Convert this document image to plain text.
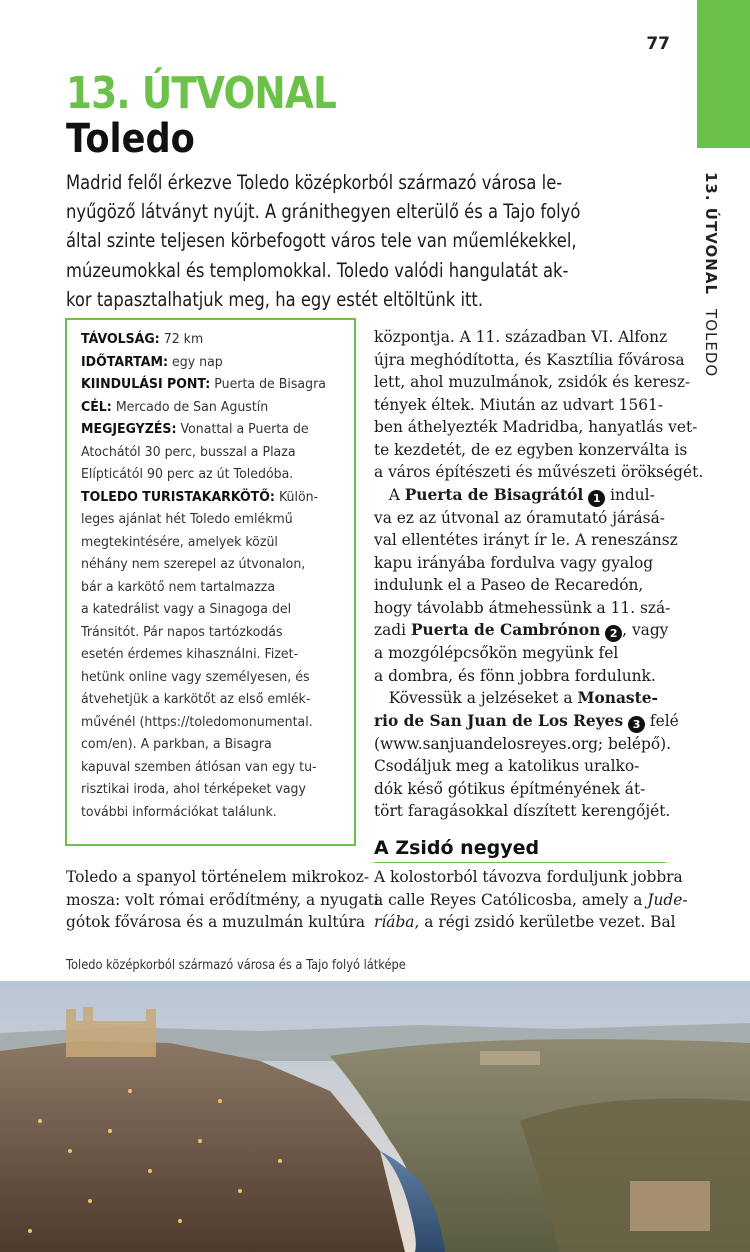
77
13. ÚTVONALTOLEDO
13. ÚTVONAL
Toledo
Madrid felől érkezve Toledo középkorból származó városa le-
nyűgöző látványt nyújt. A gránithegyen elterülő és a Tajo folyó
által szinte teljesen körbefogott város tele van műemlékekkel,
múzeumokkal és templomokkal. Toledo valódi hangulatát ak-
kor tapasztalhatjuk meg, ha egy estét eltöltünk itt.
TÁVOLSÁG: 72 km
IDŐTARTAM: egy nap
KIINDULÁSI PONT: Puerta de Bisagra
CÉL: Mercado de San Agustín
MEGJEGYZÉS: Vonattal a Puerta de
Atochától 30 perc, busszal a Plaza
Elípticától 90 perc az út Toledóba.
TOLEDO TURISTAKARKÖTŐ: Külön-
leges ajánlat hét Toledo emlékmű
megtekintésére, amelyek közül
néhány nem szerepel az útvonalon,
bár a karkötő nem tartalmazza
a katedrálist vagy a Sinagoga del
Tránsitót. Pár napos tartózkodás
esetén érdemes kihasználni. Fizet-
hetünk online vagy személyesen, és
átvehetjük a karkötőt az első emlék-
művénél (https://toledomonumental.
com/en). A parkban, a Bisagra
kapuval szemben átlósan van egy tu-
risztikai iroda, ahol térképeket vagy
további információkat találunk.
központja. A 11. században VI. Alfonz
újra meghódította, és Kasztília fővárosa
lett, ahol muzulmánok, zsidók és keresz-
tények éltek. Miután az udvart 1561-
ben áthelyezték Madridba, hanyatlás vet-
te kezdetét, de ez egyben konzerválta is
a város építészeti és művészeti örökségét.
A Puerta de Bisagrától 1 indul-
va ez az útvonal az óramutató járásá-
val ellentétes irányt ír le. A reneszánsz
kapu irányába fordulva vagy gyalog
indulunk el a Paseo de Recaredón,
hogy távolabb átmehessünk a 11. szá-
zadi Puerta de Cambrónon 2 , vagy
a mozgólépcsőkön megyünk fel
a dombra, és fönn jobbra fordulunk.
Kövessük a jelzéseket a Monaste-
rio de San Juan de Los Reyes 3 felé
(www.sanjuandelosreyes.org; belépő).
Csodáljuk meg a katolikus uralko-
dók késő gótikus építményének át-
tört faragásokkal díszített kerengőjét.
A Zsidó negyed
A kolostorból távozva forduljunk jobbra
a calle Reyes Católicosba, amely a Jude-
ríába, a régi zsidó kerületbe vezet. Bal
Toledo a spanyol történelem mikrokoz-
mosza: volt római erődítmény, a nyugati
gótok fővárosa és a muzulmán kultúra
Toledo középkorból származó városa és a Tajo folyó látképe
